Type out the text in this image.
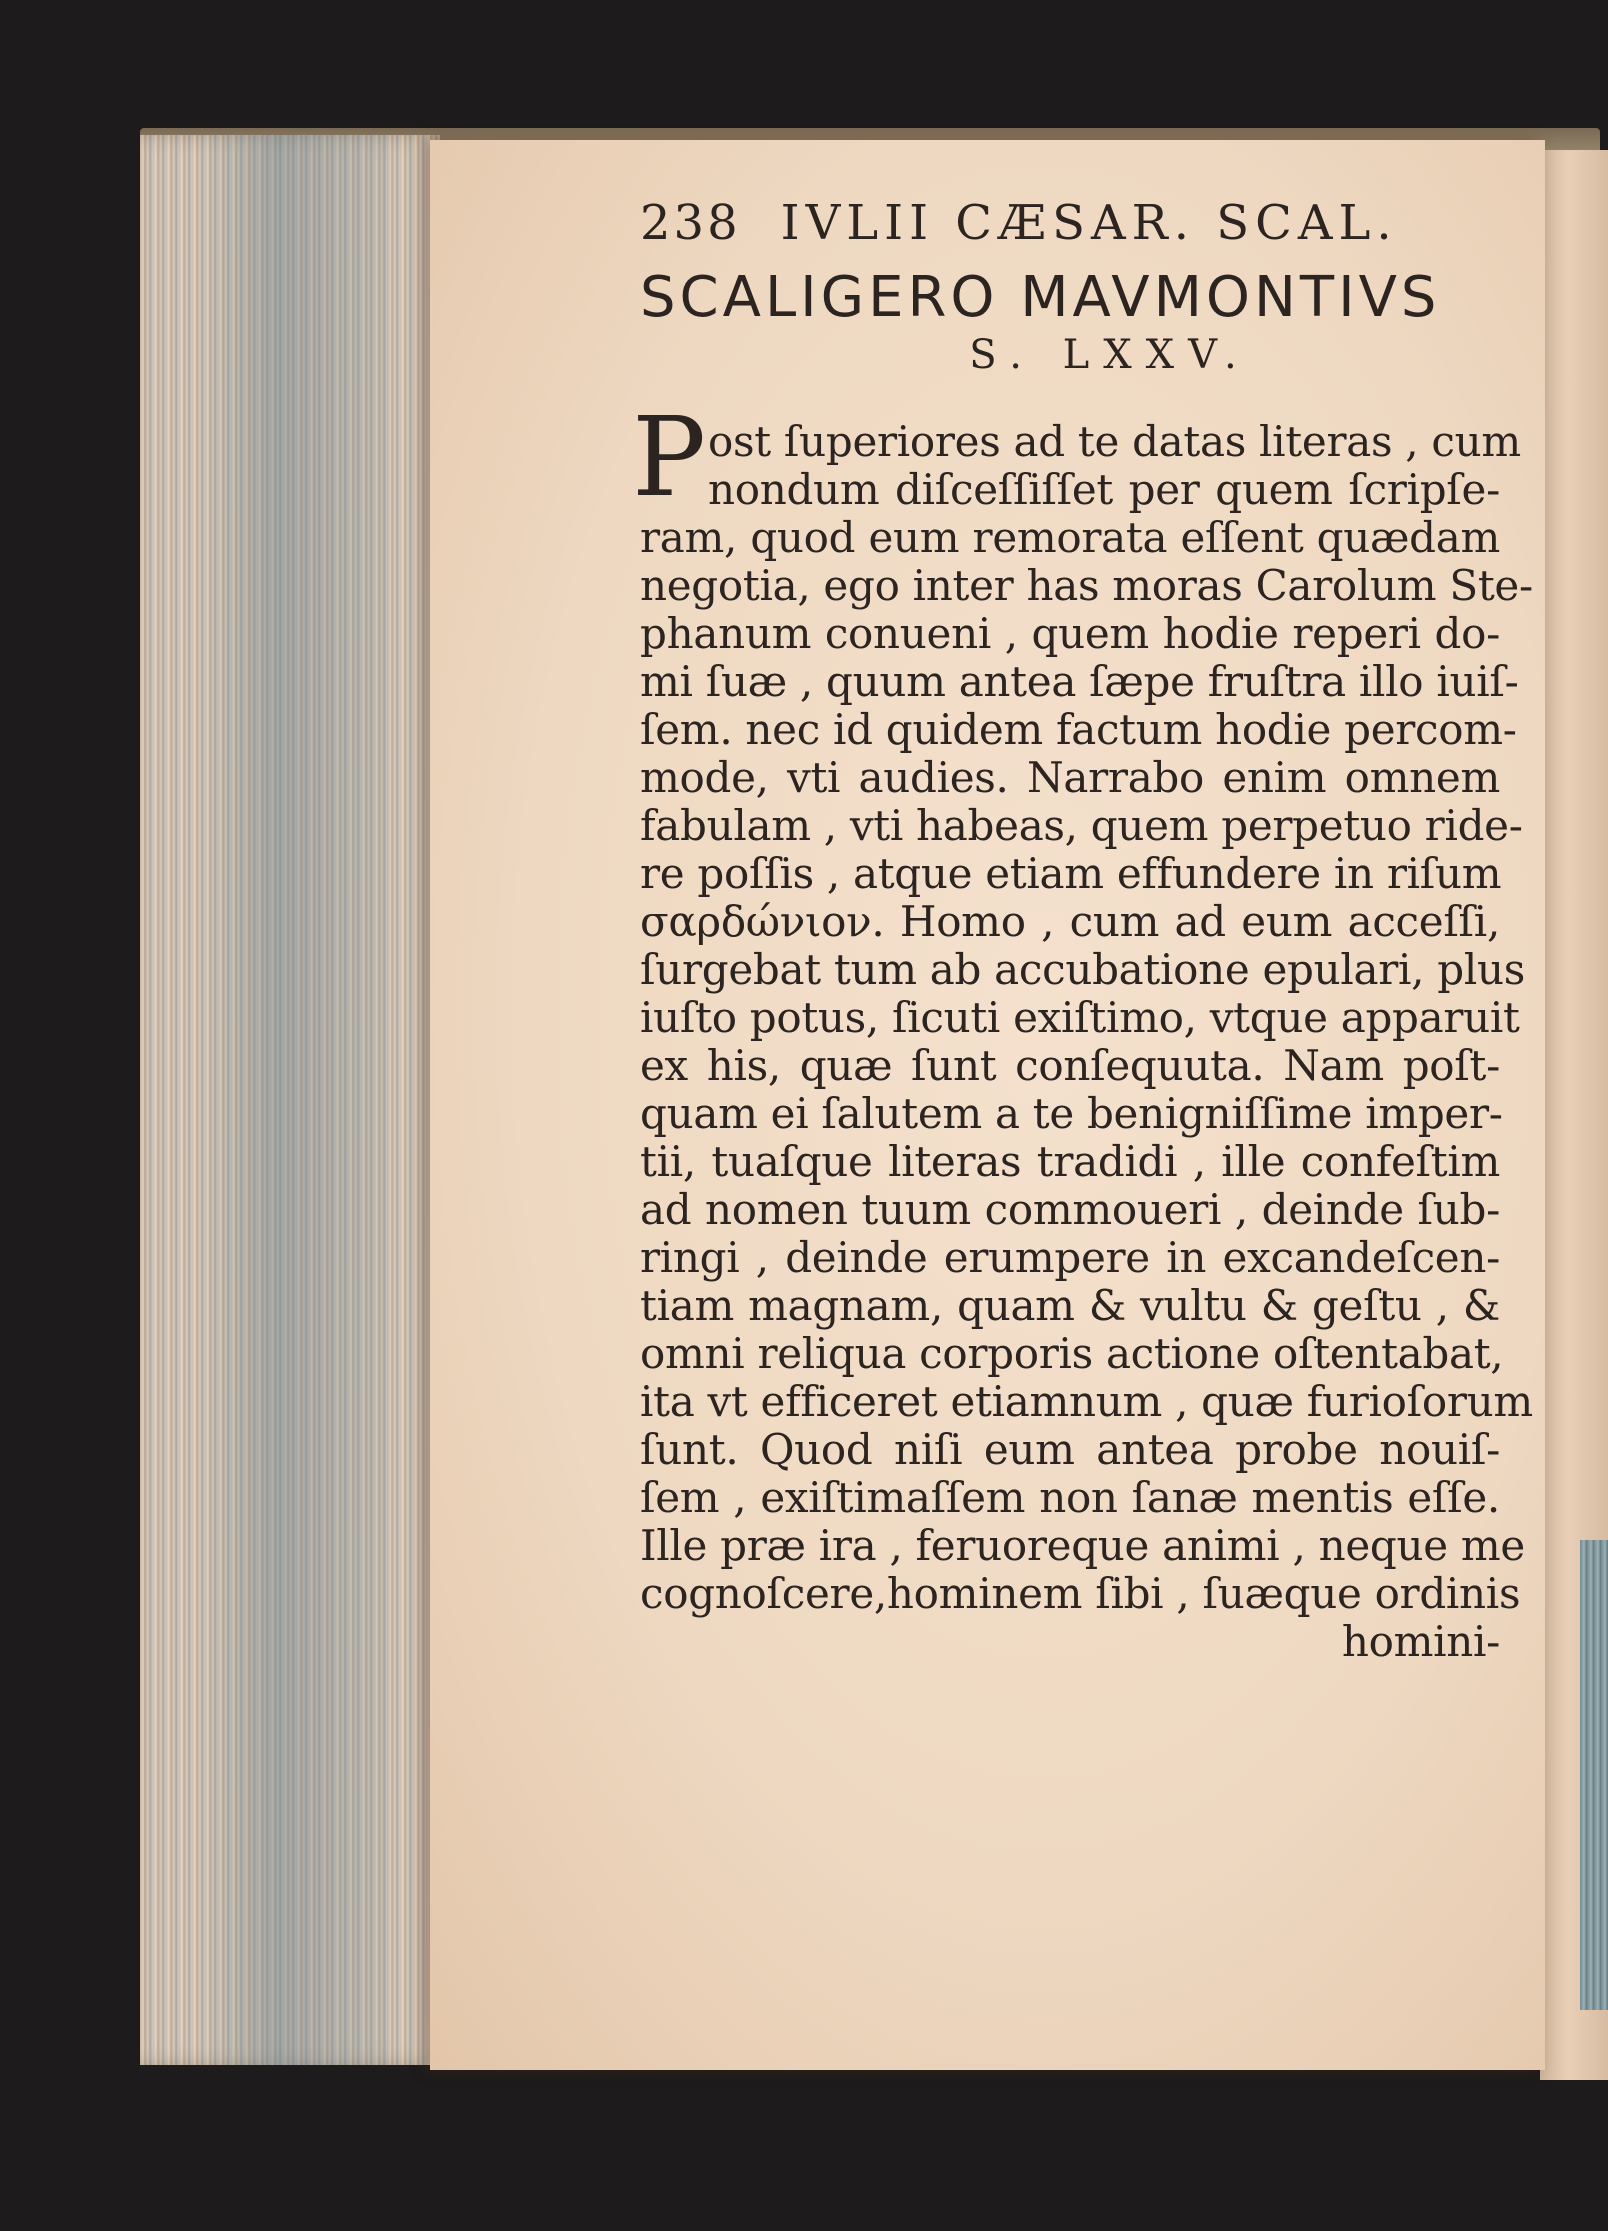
238 IVLII CÆSAR. SCAL.
SCALIGERO MAVMONTIVS
S. LXXV.
P ost ſuperiores ad te datas literas , cum
nondum diſceſſiſſet per quem ſcripſe-
ram, quod eum remorata eſſent quædam
negotia, ego inter has moras Carolum Ste-
phanum conueni , quem hodie reperi do-
mi ſuæ , quum antea ſæpe fruſtra illo iuiſ-
ſem. nec id quidem factum hodie percom-
mode, vti audies. Narrabo enim omnem
fabulam , vti habeas, quem perpetuo ride-
re poſſis , atque etiam effundere in riſum
σαρδώνιον. Homo , cum ad eum acceſſi,
ſurgebat tum ab accubatione epulari, plus
iuſto potus, ſicuti exiſtimo, vtque apparuit
ex his, quæ ſunt conſequuta. Nam poſt-
quam ei ſalutem a te benigniſſime imper-
tii, tuaſque literas tradidi , ille confeſtim
ad nomen tuum commoueri , deinde ſub-
ringi , deinde erumpere in excandeſcen-
tiam magnam, quam & vultu & geſtu , &
omni reliqua corporis actione oſtentabat,
ita vt efficeret etiamnum , quæ furioſorum
ſunt. Quod niſi eum antea probe nouiſ-
ſem , exiſtimaſſem non ſanæ mentis eſſe.
Ille præ ira , feruoreque animi , neque me
cognoſcere,hominem ſibi , ſuæque ordinis
homini-
